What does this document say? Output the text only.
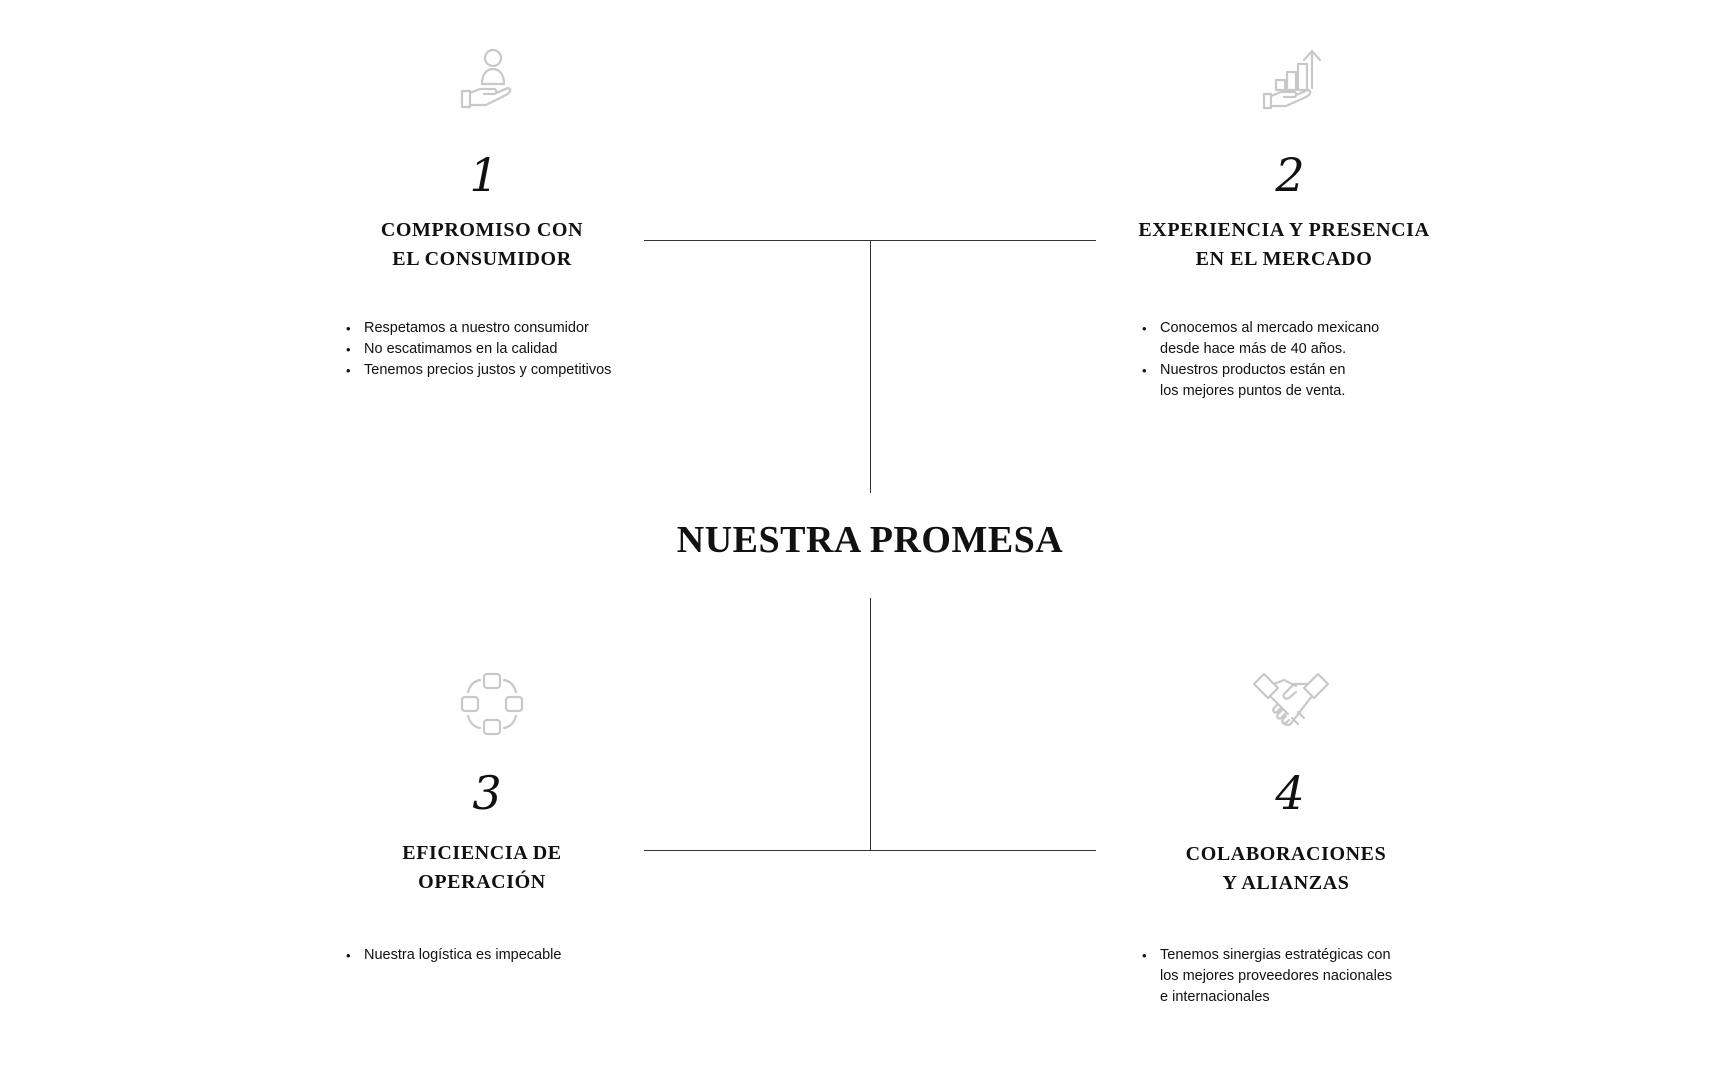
1	2
3	4
COMPROMISO CON
EL CONSUMIDOR
EXPERIENCIA Y PRESENCIA
EN EL MERCADO
EFICIENCIA DE
OPERACIÓN
COLABORACIONES
Y ALIANZAS
• Respetamos a nuestro consumidor
• No escatimamos en la calidad
• Tenemos precios justos y competitivos
• Conocemos al mercado mexicano
desde hace más de 40 años.
• Nuestros productos están en
los mejores puntos de venta.
• Nuestra logística es impecable
•	Tenemos sinergias estratégicas con
los mejores proveedores nacionales
e internacionales
NUESTRA PROMESA
